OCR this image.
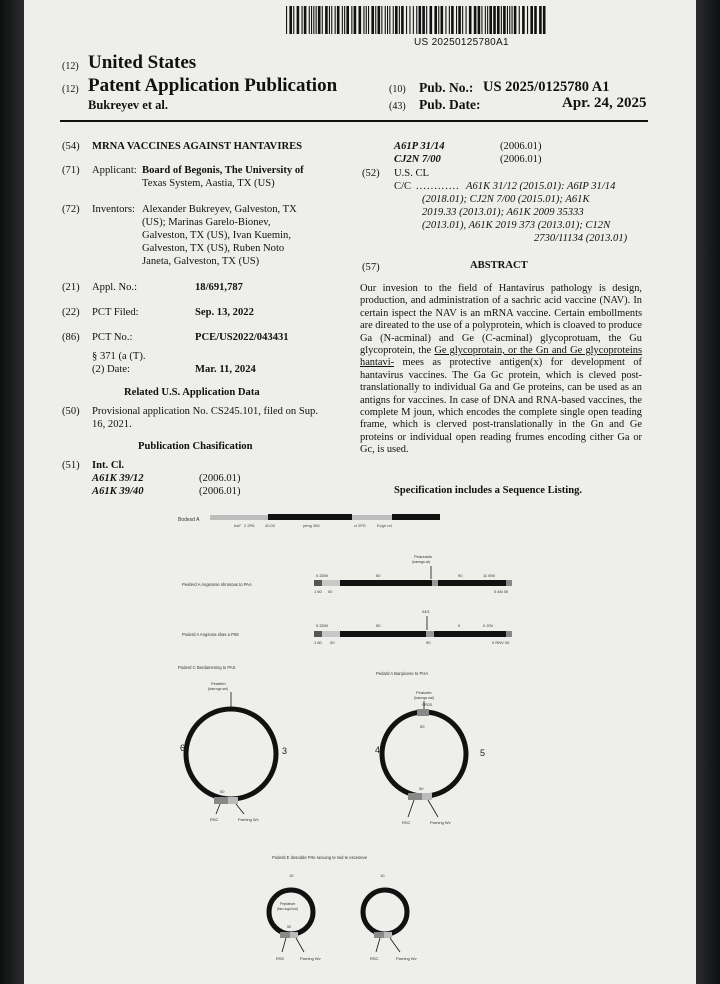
US 20250125780A1
(12) United States
(12) Patent Application Publication
Bukreyev et al.
(10) Pub. No.: US 2025/0125780 A1
(43) Pub. Date:	Apr. 24, 2025
(54) MRNA VACCINES AGAINST HANTAVIRES
(71) Applicant: Board of Begonis, The University of
Texas System, Aastia, TX (US)
(72) Inventors: Alexander Bukreyev, Galveston, TX
(US); Marinas Garelo-Bionev,
Galveston, TX (US), Ivan Kuemin,
Galveston, TX (US), Ruben Noto
Janeta, Galveston, TX (US)
(21) Appl. No.:	18/691,787
(22) PCT Filed:	Sep. 13, 2022
(86) PCT No.:	PCE/US2022/043431
§ 371 (a (T).
(2) Date:	Mar. 11, 2024
Related U.S. Application Data
(50) Provisional application No. CS245.101, filed on Sup.
16, 2021.
Publication Chasification
(51) Int. Cl.
A61K 39/12	(2006.01)
A61K 39/40	(2006.01)
A61P 31/14	(2006.01)
CJ2N 7/00	(2006.01)
(52) U.S. CL
C/C ............ A61K 31/12 (2015.01): A6IP 31/14
(2018.01); CJ2N 7/00 (2015.01); A61K
2019.33 (2013.01); A61K 2009 35333
(2013.01), A61K 2019 373 (2013.01); C12N
2730/11134 (2013.01)
(57)	ABSTRACT
Our invesion to the field of Hantavirus pathology is design, production, and administration of a sachric acid vaccine (NAV). In certain ispect the NAV is an mRNA vaccine. Certain embollments are direated to the use of a polyprotein, which is cloaved to produce Ga (N-acminal) and Ge (C-acminal) glycoprotuam, the Gu glycoprotein, the Ge glycoprotain, or the Gn and Ge glycoproteins hantavi- mees as protective antigen(x) for development of hantavirus vaccines. The Ga Gc protein, which is cleved post-translationally to individual Ga and Ge proteins, can be used as an antigns for vaccines. In case of DNA and RNA-based vaccines, the complete M joun, which encodes the complete single open teading frame, which is clerved post-translationally in the Gn and Ge proteins or individual open reading frumes encoding cither Ga or Gc, is used.
Specification includes a Sequence Listing.
Bodesd A
hat° 2 2PA	40.00	peng 360	cl 2PD	Evgrl nd
Peaferd A Angsonse shrosoas to PAA
Pearzaido
(barwgs wl)
0 2DM	50	90	11 690
1 60 00	0 AN 00
Poderd A Angsona shas a PIM
04/1
0 2DM	50	0	0 J0V
1 60 00	90	0 RNV 00
Poderd C Berdamesing to PAS
Peaitetn
(barrngs sel)
6	3
50
RSC	Parning Wv
Pedard A Banpicese to PHA
Peaizete
(barmgs sal)
SRDD
50
4	5
50
RSC	Parning Wv
Poderd E desodde Prte sexuing te Iwd te escedeve
10
Peptatset
(fsks srgct to#)
50
RS5	Parning Wv
10
RSC	Parning Wv
